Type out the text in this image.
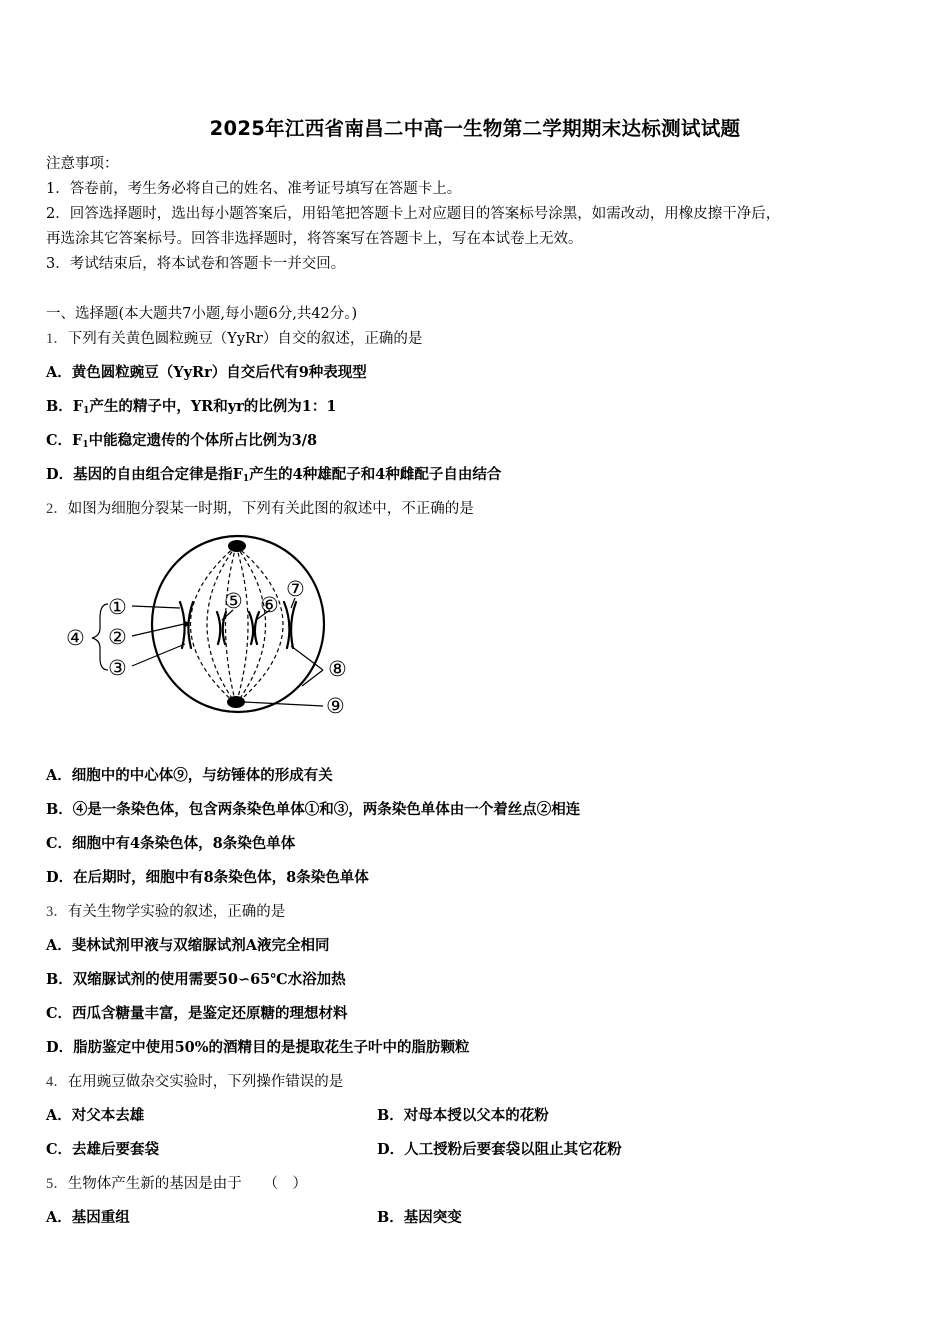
2025年江西省南昌二中高一生物第二学期期末达标测试试题
注意事项：
1．答卷前，考生务必将自己的姓名、准考证号填写在答题卡上。
2．回答选择题时，选出每小题答案后，用铅笔把答题卡上对应题目的答案标号涂黑，如需改动，用橡皮擦干净后，
再选涂其它答案标号。回答非选择题时，将答案写在答题卡上，写在本试卷上无效。
3．考试结束后，将本试卷和答题卡一并交回。
一、选择题(本大题共7小题,每小题6分,共42分。)
1．下列有关黄色圆粒豌豆（YyRr）自交的叙述，正确的是
A．黄色圆粒豌豆（YyRr）自交后代有9种表现型
B．$F_1$产生的精子中，YR和yr的比例为1：1
C．$F_1$中能稳定遗传的个体所占比例为3/8
D．基因的自由组合定律是指$F_1$产生的4种雄配子和4种雌配子自由结合
2．如图为细胞分裂某一时期，下列有关此图的叙述中，不正确的是
①
②
③
④
⑤ ⑥
⑦
⑧
⑨
A．细胞中的中心体⑨，与纺锤体的形成有关
B．④是一条染色体，包含两条染色单体①和③，两条染色单体由一个着丝点②相连
C．细胞中有4条染色体，8条染色单体
D．在后期时，细胞中有8条染色体，8条染色单体
3．有关生物学实验的叙述，正确的是
A．斐林试剂甲液与双缩脲试剂A液完全相同
B．双缩脲试剂的使用需要50∽65℃水浴加热
C．西瓜含糖量丰富，是鉴定还原糖的理想材料
D．脂肪鉴定中使用50%的酒精目的是提取花生子叶中的脂肪颗粒
4．在用豌豆做杂交实验时，下列操作错误的是
A．对父本去雄	B．对母本授以父本的花粉
C．去雄后要套袋	D．人工授粉后要套袋以阻止其它花粉
5．生物体产生新的基因是由于　　（　）
A．基因重组	B．基因突变
